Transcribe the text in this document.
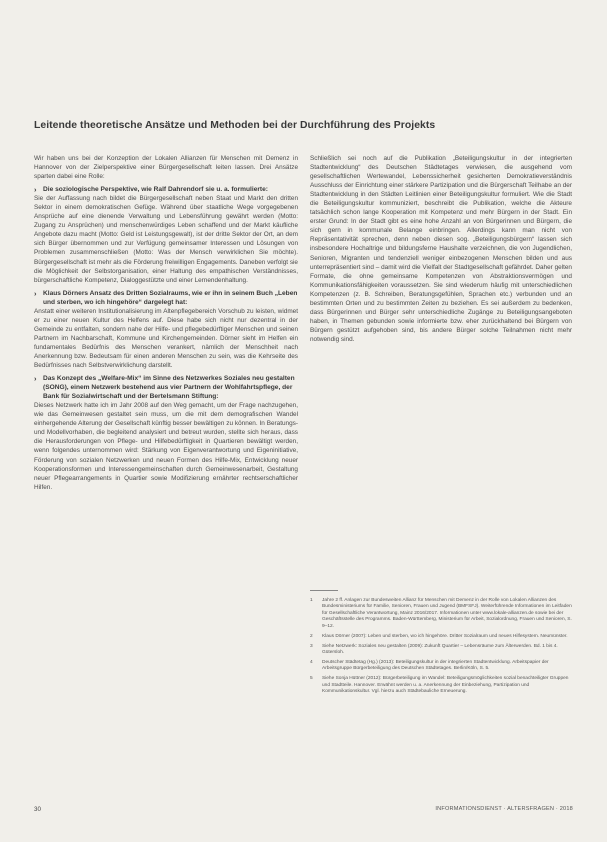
Leitende theoretische Ansätze und Methoden bei der Durchführung des Projekts

Wir haben uns bei der Konzeption der Lokalen Allianzen für Menschen mit Demenz in Hannover von der Zielperspektive einer Bürgergesellschaft leiten lassen. Drei Ansätze sparten dabei eine Rolle:

› Die soziologische Perspektive, wie Ralf Dahrendorf sie u. a. formulierte:

Sie der Auffassung nach bildet die Bürgergesellschaft neben Staat und Markt den dritten Sektor in einem demokratischen Gefüge. Während über staatliche Wege vorgegebenen Ansprüche auf eine dienende Verwaltung und Lebensführung gewährt werden (Motto: Zugang zu Ansprüchen) und menschenwürdiges Leben schaffend und der Markt käufliche Angebote dazu macht (Motto: Geld ist Leistungsgewalt), ist der dritte Sektor der Ort, an dem sich Bürger übernommen und zur Verfügung gemeinsamer Interessen und Lösungen von Problemen zusammenschließen (Motto: Was der Mensch verwirklichen Sie möchte). Bürgergesellschaft ist mehr als die Förderung freiwilligen Engagements. Daneben verfolgt sie die Möglichkeit der Selbstorganisation, einer Haltung des empathischen Verständnisses, bürgerschaftliche Kompetenz, Dialoggestützte und einer Lernendenhaltung.

› Klaus Dörners Ansatz des Dritten Sozialraums, wie er ihn in seinem Buch „Leben und sterben, wo ich hingehöre“ dargelegt hat:

Anstatt einer weiteren Institutionalisierung im Altenpflegebereich Vorschub zu leisten, widmet er zu einer neuen Kultur des Helfens auf. Diese habe sich nicht nur dezentral in der Gemeinde zu entfalten, sondern nahe der Hilfe- und pflegebedürftiger Menschen und seinen Partnern im Nachbarschaft, Kommune und Kirchengemeinden. Dörner sieht im Helfen ein fundamentales Bedürfnis des Menschen verankert, nämlich der Menschheit nach Anerkennung bzw. Bedeutsam für einen anderen Menschen zu sein, was die Kehrseite des Bedürfnisses nach Selbstverwirklichung darstellt.

› Das Konzept des „Welfare-Mix“ im Sinne des Netzwerkes Soziales neu gestalten (SONG), einem Netzwerk bestehend aus vier Partnern der Wohlfahrtspflege, der Bank für Sozialwirtschaft und der Bertelsmann Stiftung:

Dieses Netzwerk hatte ich im Jahr 2008 auf den Weg gemacht, um der Frage nachzugehen, wie das Gemeinwesen gestaltet sein muss, um die mit dem demografischen Wandel einhergehende Alterung der Gesellschaft künftig besser bewältigen zu können. In Beratungs- und Modellvorhaben, die begleitend analysiert und betreut wurden, stellte sich heraus, dass die Herausforderungen von Pflege- und Hilfebedürftigkeit in Quartieren bewältigt werden, wenn folgendes unternommen wird: Stärkung von Eigenverantwortung und Eigeninitiative, Förderung von sozialen Netzwerken und neuen Formen des Hilfe-Mix, Entwicklung neuer Kooperationsformen und Interessengemeinschaften durch Gemeinwesenarbeit, Gestaltung neuer Pflegearrangements in Quartier sowie Modifizierung ernährter rechtserschaftlicher Hilfen.

Schließlich sei noch auf die Publikation „Beteiligungskultur in der integrierten Stadtentwicklung“ des Deutschen Städtetages verwiesen, die ausgehend vom gesellschaftlichen Wertewandel, Lebenssicherheit gesicherten Demokratieverständnis Ausschluss der Einrichtung einer stärkere Partizipation und die Bürgerschaft Teilhabe an der Stadtentwicklung in den Städten Leitlinien einer Beteiligungskultur formuliert. Wie die Stadt die Beteiligungskultur kommuniziert, beschreibt die Publikation, welche die Akteure tatsächlich schon lange Kooperation mit Kompetenz und mehr Bürgern in der Stadt. Ein erster Grund: In der Stadt gibt es eine hohe Anzahl an von Bürgerinnen und Bürgern, die sich gern in kommunale Belange einbringen. Allerdings kann man nicht von Repräsentativität sprechen, denn neben diesen sog. „Beteiligungsbürgern“ lassen sich insbesondere Hochaltrige und bildungsferne Haushalte verzeichnen, die von Jugendlichen, Senioren, Migranten und tendenziell weniger einbezogenen Menschen bilden und aus unterrepräsentiert sind – damit wird die Vielfalt der Stadtgesellschaft gefährdet. Daher gelten Formate, die ohne gemeinsame Kompetenzen von Abstraktionsvermögen und Kommunikationsfähigkeiten voraussetzen. Sie sind wiederum häufig mit unterschiedlichen Kompetenzen (z. B. Schreiben, Beratungsgefühlen, Sprachen etc.) verbunden und an bestimmten Orten und zu bestimmten Zeiten zu beziehen. Es sei außerdem zu bedenken, dass Bürgerinnen und Bürger sehr unterschiedliche Zugänge zu Beteiligungsangeboten haben, in Themen gebunden sowie informierte bzw. eher zurückhaltend bei Bürgern von Bürgern gestützt aufgehoben sind, bis andere Bürger solche Teilnahmen nicht mehr notwendig sind.

1 Jahre 2 ff. Anlagen zur Bundesweiten Allianz für Menschen mit Demenz in der Rolle von Lokalen Allianzen des Bundesministeriums für Familie, Senioren, Frauen und Jugend (BMFSFJ). Weiterführende Informationen im Leitfaden für Gesellschaftliche Verantwortung, Mainz 2016/2017. Informationen unter www.lokale-allianzen.de sowie bei der Geschäftsstelle des Programms. Baden-Württemberg, Ministerium für Arbeit, Sozialordnung, Frauen und Senioren, S. 9–12.
2 Klaus Dörner (2007): Leben und sterben, wo ich hingehöre. Dritter Sozialraum und neues Hilfesystem. Neumünster.
3 Siehe Netzwerk: Soziales neu gestalten (2009): Zukunft Quartier – Lebensräume zum Älterwerden. Bd. 1 bis 4. Gütersloh.
4 Deutscher Städtetag (Hg.) (2013): Beteiligungskultur in der integrierten Stadtentwicklung. Arbeitspapier der Arbeitsgruppe Bürgerbeteiligung des Deutschen Städtetages. Berlin/Köln, S. 5.
5 Siehe Sonja Hüttner (2012): Bürgerbeteiligung im Wandel: Beteiligungsmöglichkeiten sozial benachteiligter Gruppen und Stadtteile. Hannover. Erwähnt werden u. a. Anerkennung der Einbeziehung, Partizipation und Kommunikationskultur. Vgl. hierzu auch Städtebauliche Erneuerung.
30	INFORMATIONSDIENST · ALTERSFRAGEN · 2018
